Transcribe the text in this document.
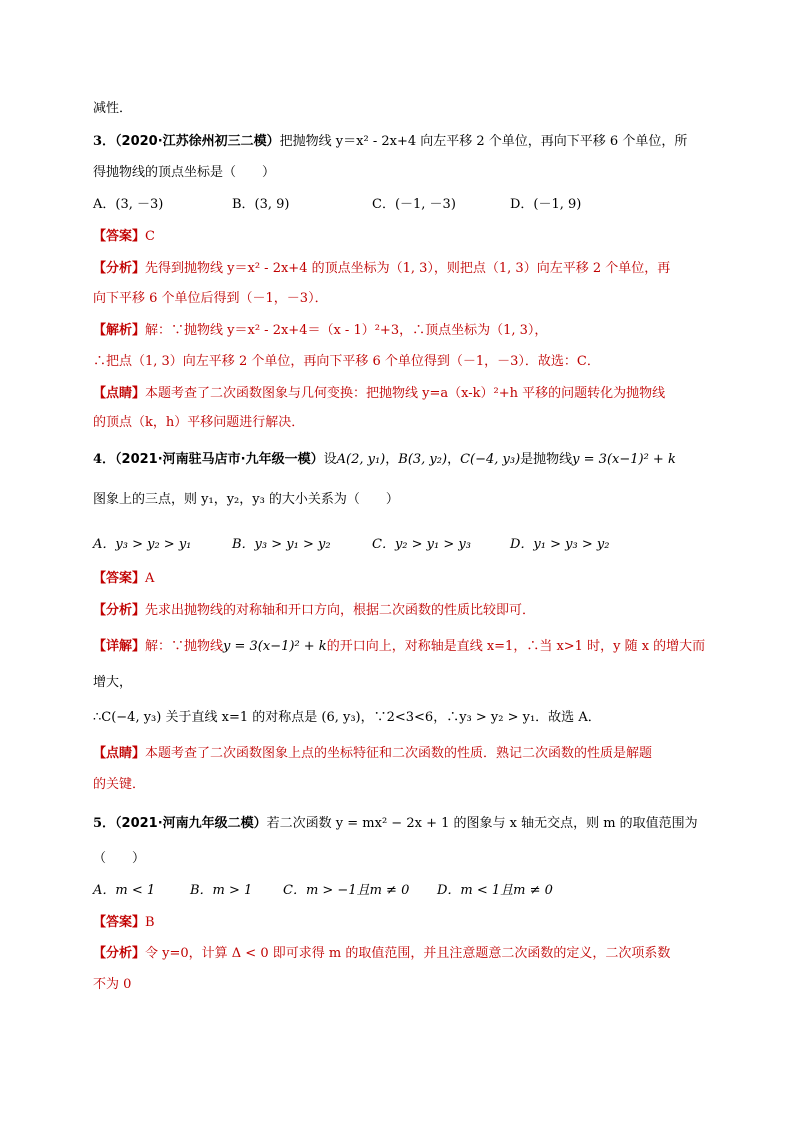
减性．
3．（2020·江苏徐州初三二模）把抛物线 y＝x² - 2x+4 向左平移 2 个单位，再向下平移 6 个单位，所
得抛物线的顶点坐标是（　　）
A．(3, －3)	B．(3, 9)	C．(－1, －3)	D．(－1, 9)
【答案】C
【分析】先得到抛物线 y＝x² - 2x+4 的顶点坐标为（1, 3），则把点（1, 3）向左平移 2 个单位，再
向下平移 6 个单位后得到（－1，－3）．
【解析】解：∵抛物线 y＝x² - 2x+4＝（x - 1）²+3，∴顶点坐标为（1, 3），
∴把点（1, 3）向左平移 2 个单位，再向下平移 6 个单位得到（－1，－3）．故选：C．
【点睛】本题考查了二次函数图象与几何变换：把抛物线 y=a（x-k）²+h 平移的问题转化为抛物线
的顶点（k，h）平移问题进行解决．
4．（2021·河南驻马店市·九年级一模）设A(2, y₁)，B(3, y₂)，C(−4, y₃)是抛物线y = 3(x−1)² + k
图象上的三点，则 y₁，y₂，y₃ 的大小关系为（　　）
A．y₃ > y₂ > y₁	B．y₃ > y₁ > y₂	C．y₂ > y₁ > y₃	D．y₁ > y₃ > y₂
【答案】A
【分析】先求出抛物线的对称轴和开口方向，根据二次函数的性质比较即可．
【详解】解：∵抛物线y = 3(x−1)² + k的开口向上，对称轴是直线 x=1，∴当 x>1 时，y 随 x 的增大而
增大，
∴C(−4, y₃) 关于直线 x=1 的对称点是 (6, y₃)，∵2<3<6，∴y₃ > y₂ > y₁．故选 A．
【点睛】本题考查了二次函数图象上点的坐标特征和二次函数的性质．熟记二次函数的性质是解题
的关键．
5．（2021·河南九年级二模）若二次函数 y = mx² − 2x + 1 的图象与 x 轴无交点，则 m 的取值范围为
（　　）
A．m < 1	B．m > 1 C．m > −1且m ≠ 0 D．m < 1且m ≠ 0
【答案】B
【分析】令 y=0，计算 Δ < 0 即可求得 m 的取值范围，并且注意题意二次函数的定义，二次项系数
不为 0
